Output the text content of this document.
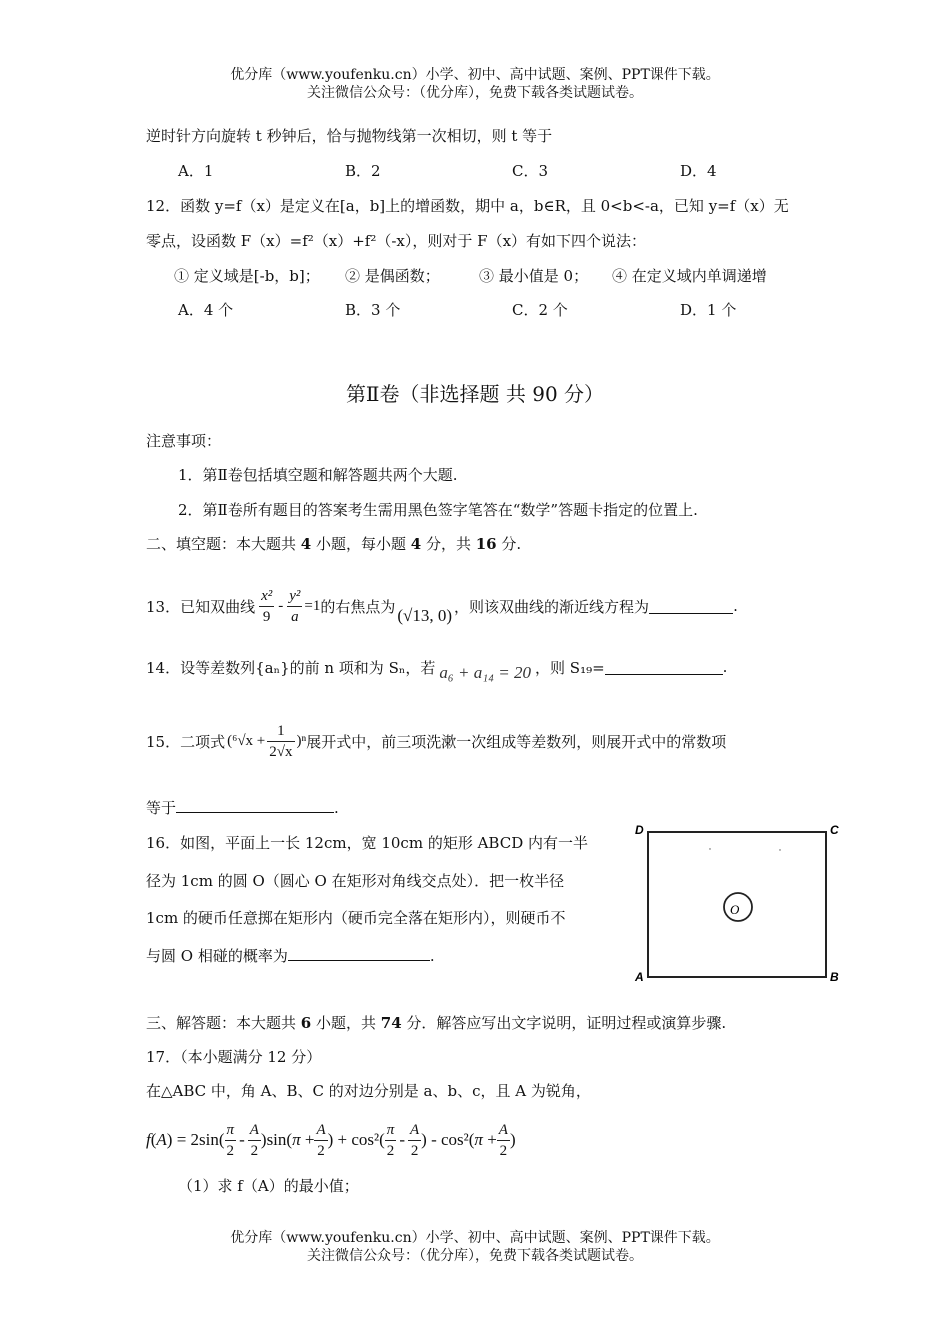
优分库（www.youfenku.cn）小学、初中、高中试题、案例、PPT课件下载。
关注微信公众号：（优分库），免费下载各类试题试卷。
逆时针方向旋转 t 秒钟后，恰与抛物线第一次相切，则 t 等于
A．1	B．2	C．3	D．4
12．函数 y=f（x）是定义在[a，b]上的增函数，期中 a，b∈R，且 0<b<-a，已知 y=f（x）无
零点，设函数 F（x）=f²（x）+f²（-x），则对于 F（x）有如下四个说法：
① 定义域是[-b，b]； ② 是偶函数；	③ 最小值是 0； ④ 在定义域内单调递增
A．4 个	B．3 个	C．2 个	D．1 个
第Ⅱ卷（非选择题 共 90 分）
注意事项：
1．第Ⅱ卷包括填空题和解答题共两个大题.
2．第Ⅱ卷所有题目的答案考生需用黑色签字笔答在“数学”答题卡指定的位置上.
二、填空题：本大题共 4 小题，每小题 4 分，共 16 分.
13．已知双曲线 $\frac{\text{x²}}{9} - \frac{\text{y²}}{a} =1$ 的右焦点为 (√13, 0) ，则该双曲线的渐近线方程为	.
14．设等差数列{aₙ}的前 n 项和为 Sₙ，若 a₆ + a₁₄ = 20 ，则 S₁₉=	.
15．二项式 $(^6√x + \frac{1}{2√x} )^n$ 展开式中，前三项洗漱一次组成等差数列，则展开式中的常数项
等于	.
16．如图，平面上一长 12cm，宽 10cm 的矩形 ABCD 内有一半
径为 1cm 的圆 O（圆心 O 在矩形对角线交点处）．把一枚半径
1cm 的硬币任意掷在矩形内（硬币完全落在矩形内），则硬币不
与圆 O 相碰的概率为	.
D	C
A	B
O
三、解答题：本大题共 6 小题，共 74 分．解答应写出文字说明，证明过程或演算步骤.
17．（本小题满分 12 分）
在△ABC 中，角 A、B、C 的对边分别是 a、b、c，且 A 为锐角，
$f(A) = 2\sin( \frac{\pi}{2} - \frac{A}{2} )\sin(\pi + \frac{A}{2}$ ) + $\cos^2( \frac{\pi}{2} - \frac{A}{2}$ ) - $\cos^2(\pi + \frac{A}{2}$ )
（1）求 f（A）的最小值；
优分库（www.youfenku.cn）小学、初中、高中试题、案例、PPT课件下载。
关注微信公众号：（优分库），免费下载各类试题试卷。
